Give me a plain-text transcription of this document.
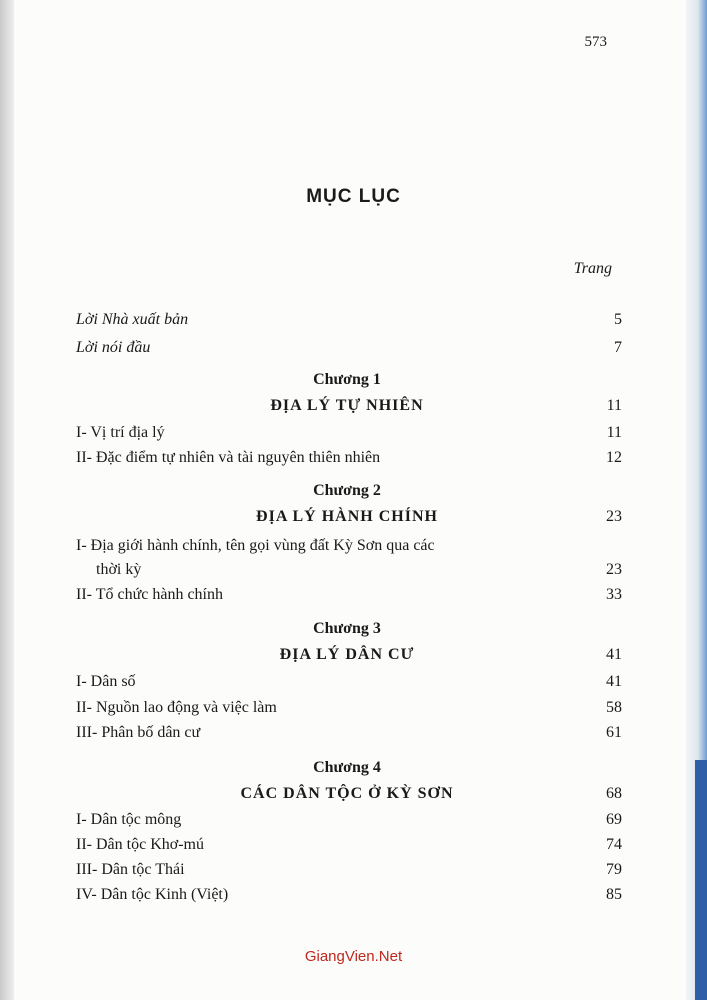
573
MỤC LỤC
Trang
Lời Nhà xuất bản	5
Lời nói đầu	7
Chương 1
ĐỊA LÝ TỰ NHIÊN	11
I- Vị trí địa lý	11
II- Đặc điểm tự nhiên và tài nguyên thiên nhiên	12
Chương 2
ĐỊA LÝ HÀNH CHÍNH	23
I- Địa giới hành chính, tên gọi vùng đất Kỳ Sơn qua các
thời kỳ	23
II- Tổ chức hành chính	33
Chương 3
ĐỊA LÝ DÂN CƯ	41
I- Dân số	41
II- Nguồn lao động và việc làm	58
III- Phân bố dân cư	61
Chương 4
CÁC DÂN TỘC Ở KỲ SƠN	68
I- Dân tộc mông	69
II- Dân tộc Khơ-mú	74
III- Dân tộc Thái	79
IV- Dân tộc Kinh (Việt)	85
GiangVien.Net
